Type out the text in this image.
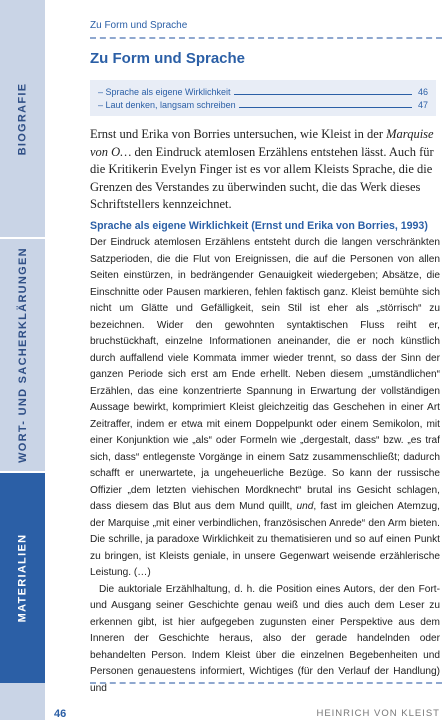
BIOGRAFIE
WORT- UND SACHERKLÄRUNGEN
MATERIALIEN
Zu Form und Sprache
Zu Form und Sprache
– Sprache als eigene Wirklichkeit	46
– Laut denken, langsam schreiben	47

Ernst und Erika von Borries untersuchen, wie Kleist in der Marquise von O… den Eindruck atemlosen Erzählens entstehen lässt. Auch für die Kritikerin Evelyn Finger ist es vor allem Kleists Sprache, die die Grenzen des Verstandes zu überwinden sucht, die das Werk dieses Schriftstellers kennzeichnet.

Sprache als eigene Wirklichkeit (Ernst und Erika von Borries, 1993)

Der Eindruck atemlosen Erzählens entsteht durch die langen verschränkten Satzperioden, die die Flut von Ereignissen, die auf die Personen von allen Seiten einstürzen, in bedrängender Genauigkeit wiedergeben; Absätze, die Einschnitte oder Pausen markieren, fehlen faktisch ganz. Kleist bemühte sich nicht um Glätte und Gefälligkeit, sein Stil ist eher als „störrisch“ zu bezeichnen. Wider den gewohnten syntaktischen Fluss reiht er, bruchstückhaft, einzelne Informationen aneinander, die er noch künstlich durch auffallend viele Kommata immer wieder trennt, so dass der Sinn der ganzen Periode sich erst am Ende erhellt. Neben diesem „umständlichen“ Erzählen, das eine konzentrierte Spannung in Erwartung der vollständigen Aussage bewirkt, komprimiert Kleist gleichzeitig das Geschehen in einer Art Zeitraffer, indem er etwa mit einem Doppelpunkt oder einem Semikolon, mit einer Konjunktion wie „als“ oder Formeln wie „dergestalt, dass“ bzw. „es traf sich, dass“ entlegenste Vorgänge in einem Satz zusammenschließt; dadurch schafft er unerwartete, ja ungeheuerliche Bezüge. So kann der russische Offizier „dem letzten viehischen Mordknecht“ brutal ins Gesicht schlagen, dass diesem das Blut aus dem Mund quillt, und, fast im gleichen Atemzug, der Marquise „mit einer verbindlichen, französischen Anrede“ den Arm bieten. Die schrille, ja paradoxe Wirklichkeit zu thematisieren und so auf einen Punkt zu bringen, ist Kleists geniale, in unsere Gegenwart weisende erzählerische Leistung. (…)

Die auktoriale Erzählhaltung, d. h. die Position eines Autors, der den Fort- und Ausgang seiner Geschichte genau weiß und dies auch dem Leser zu erkennen gibt, ist hier aufgegeben zugunsten einer Perspektive aus dem Inneren der Geschichte heraus, also der gerade handelnden oder behandelten Person. Indem Kleist über die einzelnen Begebenheiten und Personen genauestens informiert, Wichtiges (für den Verlauf der Handlung) und

46	HEINRICH VON KLEIST
